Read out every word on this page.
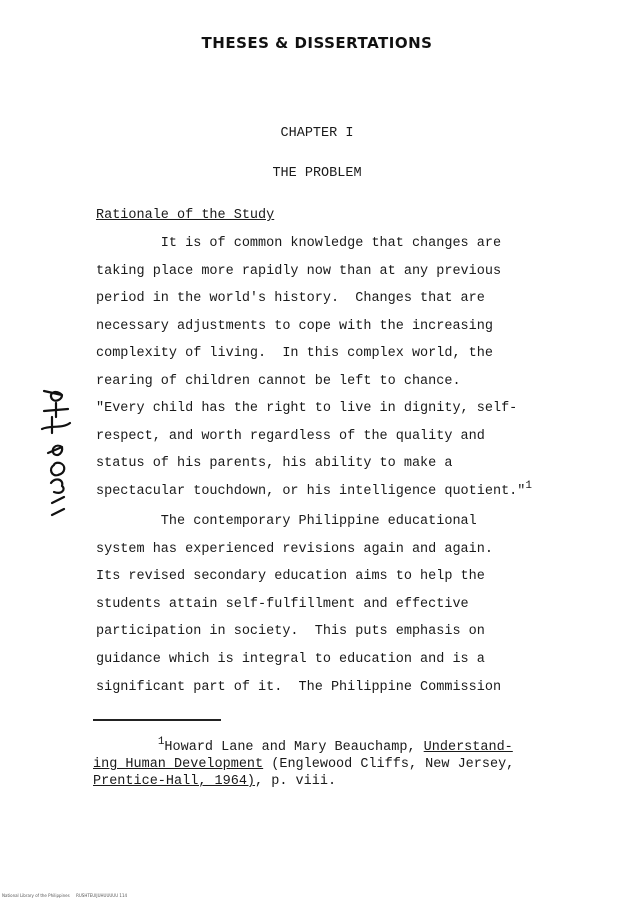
THESES & DISSERTATIONS
CHAPTER I
THE PROBLEM
Rationale of the Study
It is of common knowledge that changes are
taking place more rapidly now than at any previous
period in the world's history.  Changes that are
necessary adjustments to cope with the increasing
complexity of living.  In this complex world, the
rearing of children cannot be left to chance.
"Every child has the right to live in dignity, self-
respect, and worth regardless of the quality and
status of his parents, his ability to make a
spectacular touchdown, or his intelligence quotient."$^1$
The contemporary Philippine educational
system has experienced revisions again and again.
Its revised secondary education aims to help the
students attain self-fulfillment and effective
participation in society.  This puts emphasis on
guidance which is integral to education and is a
significant part of it.  The Philippine Commission
$^1$Howard Lane and Mary Beauchamp, Understand-
ing Human Development (Englewood Cliffs, New Jersey,
Prentice-Hall, 1964), p. viii.
National Library of the Philippines     RUSHTEUIJUHUUUUU 114
